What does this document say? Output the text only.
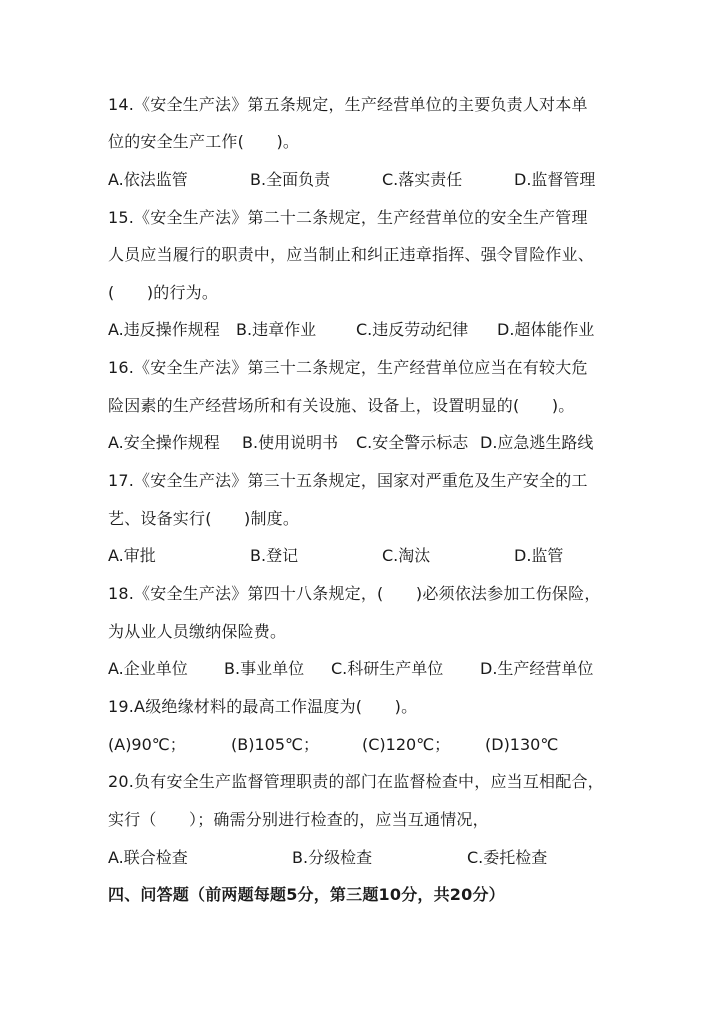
14.《安全生产法》第五条规定，生产经营单位的主要负责人对本单
位的安全生产工作(　　)。
A.依法监管	B.全面负责	C.落实责任	D.监督管理
15.《安全生产法》第二十二条规定，生产经营单位的安全生产管理
人员应当履行的职责中，应当制止和纠正违章指挥、强令冒险作业、
(　　)的行为。
A.违反操作规程 B.违章作业 C.违反劳动纪律 D.超体能作业
16.《安全生产法》第三十二条规定，生产经营单位应当在有较大危
险因素的生产经营场所和有关设施、设备上，设置明显的(　　)。
A.安全操作规程 B.使用说明书 C.安全警示标志 D.应急逃生路线
17.《安全生产法》第三十五条规定，国家对严重危及生产安全的工
艺、设备实行(　　)制度。
A.审批	B.登记	C.淘汰	D.监管
18.《安全生产法》第四十八条规定，(　　)必须依法参加工伤保险，
为从业人员缴纳保险费。
A.企业单位 B.事业单位 C.科研生产单位 D.生产经营单位
19.A级绝缘材料的最高工作温度为(　　)。
(A)90℃；	(B)105℃；	(C)120℃； (D)130℃
20.负有安全生产监督管理职责的部门在监督检查中，应当互相配合，
实行（　　）；确需分别进行检查的，应当互通情况，
A.联合检查	B.分级检查	C.委托检查
四、问答题（前两题每题5分，第三题10分，共20分）
